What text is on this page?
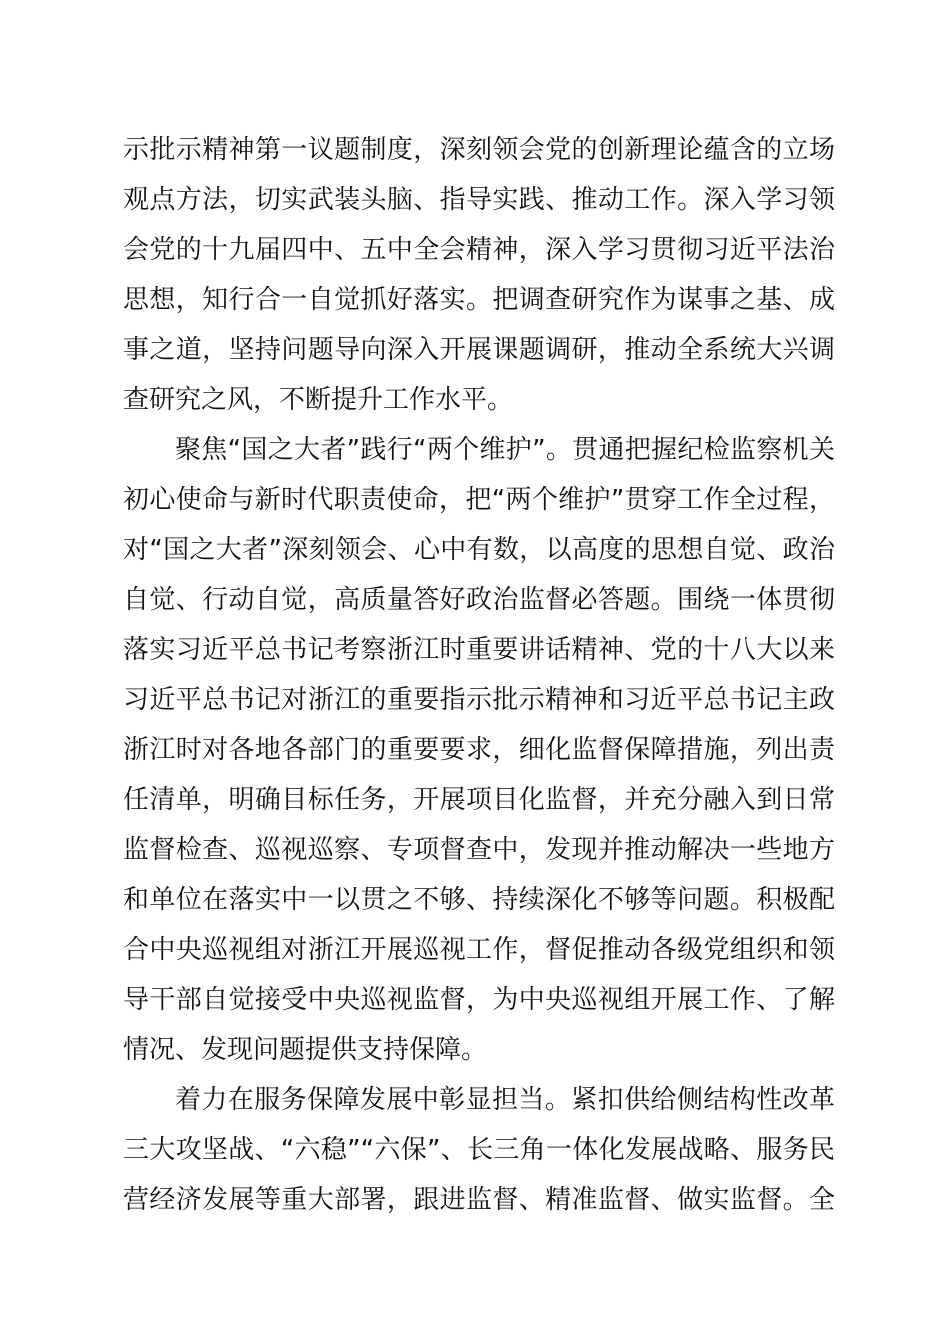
示批示精神第一议题制度，深刻领会党的创新理论蕴含的立场
观点方法，切实武装头脑、指导实践、推动工作。深入学习领
会党的十九届四中、五中全会精神，深入学习贯彻习近平法治
思想，知行合一自觉抓好落实。把调查研究作为谋事之基、成
事之道，坚持问题导向深入开展课题调研，推动全系统大兴调
查研究之风，不断提升工作水平。
聚焦“国之大者”践行“两个维护”。贯通把握纪检监察机关
初心使命与新时代职责使命，把“两个维护”贯穿工作全过程，
对“国之大者”深刻领会、心中有数，以高度的思想自觉、政治
自觉、行动自觉，高质量答好政治监督必答题。围绕一体贯彻
落实习近平总书记考察浙江时重要讲话精神、党的十八大以来
习近平总书记对浙江的重要指示批示精神和习近平总书记主政
浙江时对各地各部门的重要要求，细化监督保障措施，列出责
任清单，明确目标任务，开展项目化监督，并充分融入到日常
监督检查、巡视巡察、专项督查中，发现并推动解决一些地方
和单位在落实中一以贯之不够、持续深化不够等问题。积极配
合中央巡视组对浙江开展巡视工作，督促推动各级党组织和领
导干部自觉接受中央巡视监督，为中央巡视组开展工作、了解
情况、发现问题提供支持保障。
着力在服务保障发展中彰显担当。紧扣供给侧结构性改革
三大攻坚战、“六稳”“六保”、长三角一体化发展战略、服务民
营经济发展等重大部署，跟进监督、精准监督、做实监督。全
